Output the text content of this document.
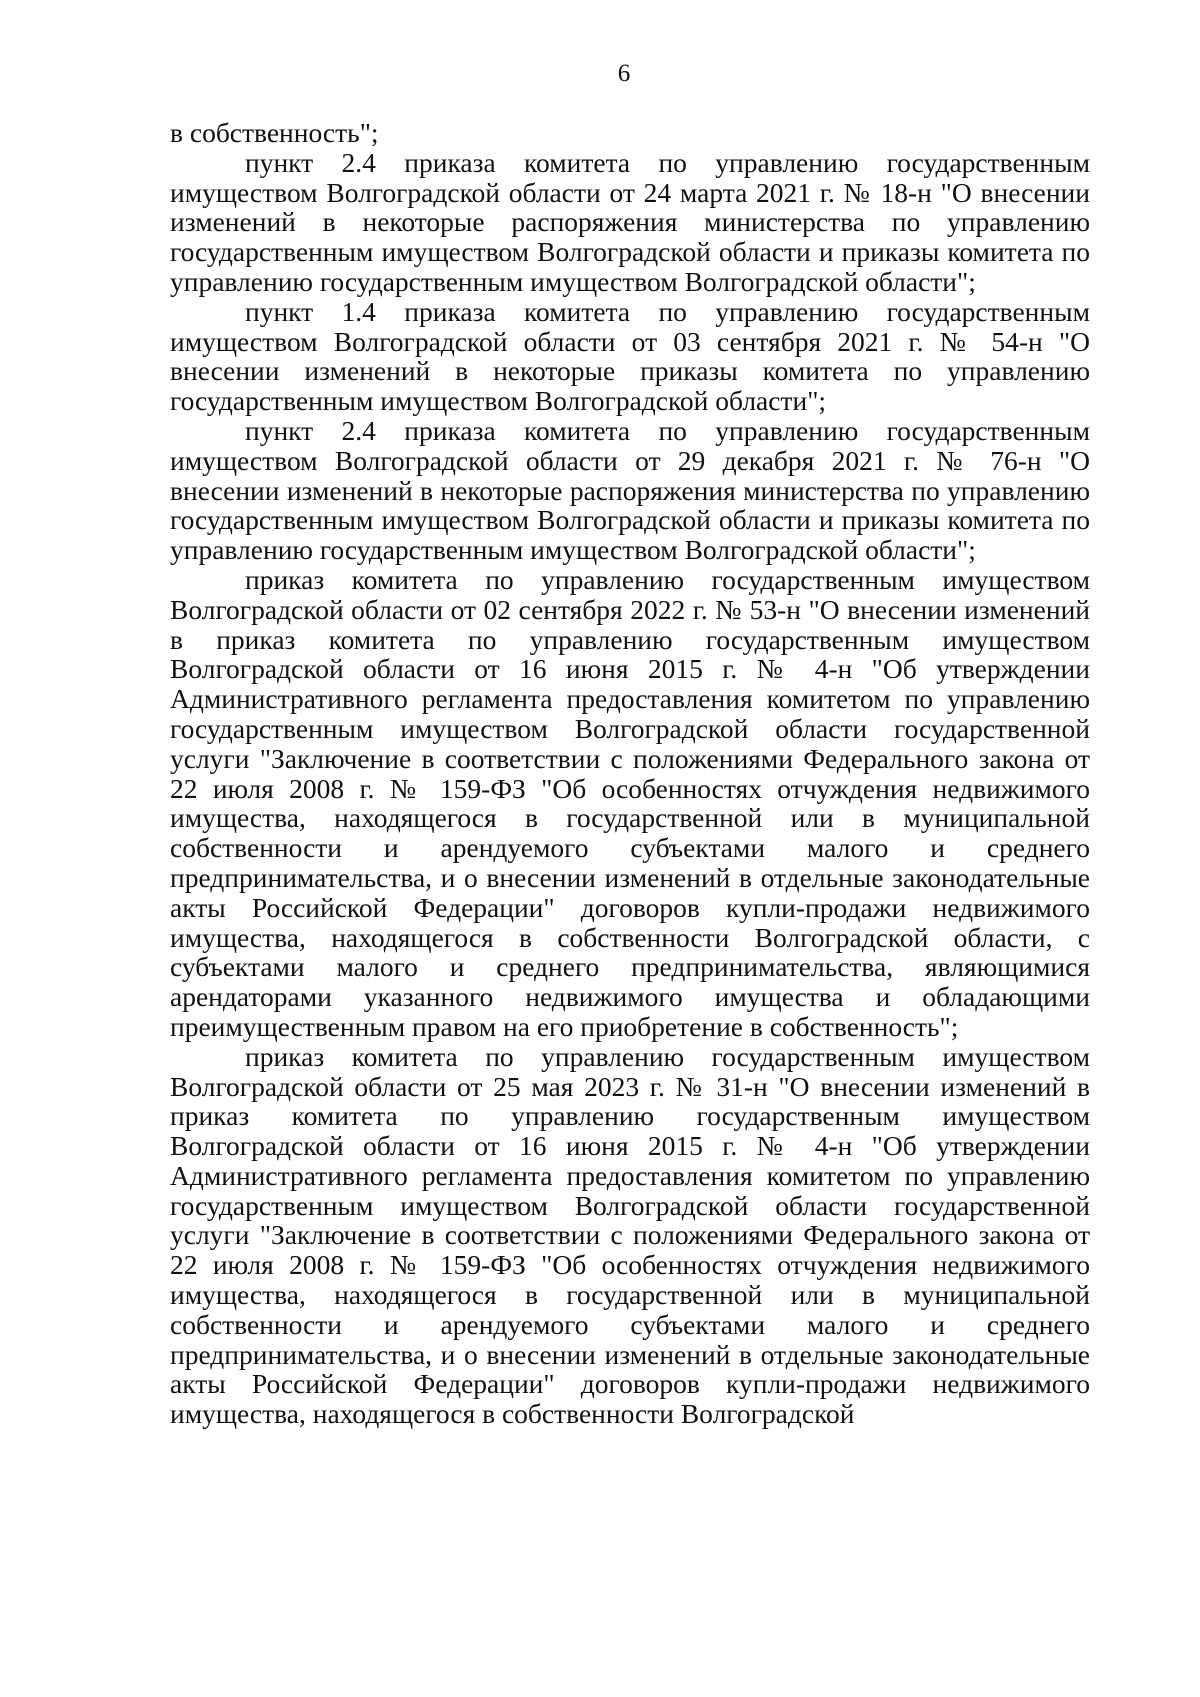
6

в собственность";

пункт 2.4 приказа комитета по управлению государственным имуществом Волгоградской области от 24 марта 2021 г. № 18-н "О внесении изменений в некоторые распоряжения министерства по управлению государственным имуществом Волгоградской области и приказы комитета по управлению государственным имуществом Волгоградской области";

пункт 1.4 приказа комитета по управлению государственным имуществом Волгоградской области от 03 сентября 2021 г. № 54-н "О внесении изменений в некоторые приказы комитета по управлению государственным имуществом Волгоградской области";

пункт 2.4 приказа комитета по управлению государственным имуществом Волгоградской области от 29 декабря 2021 г. № 76-н "О внесении изменений в некоторые распоряжения министерства по управлению государственным имуществом Волгоградской области и приказы комитета по управлению государственным имуществом Волгоградской области";

приказ комитета по управлению государственным имуществом Волгоградской области от 02 сентября 2022 г. № 53-н "О внесении изменений в приказ комитета по управлению государственным имуществом Волгоградской области от 16 июня 2015 г. № 4-н "Об утверждении Административного регламента предоставления комитетом по управлению государственным имуществом Волгоградской области государственной услуги "Заключение в соответствии с положениями Федерального закона от 22 июля 2008 г. № 159-ФЗ "Об особенностях отчуждения недвижимого имущества, находящегося в государственной или в муниципальной собственности и арендуемого субъектами малого и среднего предпринимательства, и о внесении изменений в отдельные законодательные акты Российской Федерации" договоров купли-продажи недвижимого имущества, находящегося в собственности Волгоградской области, с субъектами малого и среднего предпринимательства, являющимися арендаторами указанного недвижимого имущества и обладающими преимущественным правом на его приобретение в собственность";

приказ комитета по управлению государственным имуществом Волгоградской области от 25 мая 2023 г. № 31-н "О внесении изменений в приказ комитета по управлению государственным имуществом Волгоградской области от 16 июня 2015 г. № 4-н "Об утверждении Административного регламента предоставления комитетом по управлению государственным имуществом Волгоградской области государственной услуги "Заключение в соответствии с положениями Федерального закона от 22 июля 2008 г. № 159-ФЗ "Об особенностях отчуждения недвижимого имущества, находящегося в государственной или в муниципальной собственности и арендуемого субъектами малого и среднего предпринимательства, и о внесении изменений в отдельные законодательные акты Российской Федерации" договоров купли-продажи недвижимого имущества, находящегося в собственности Волгоградской
